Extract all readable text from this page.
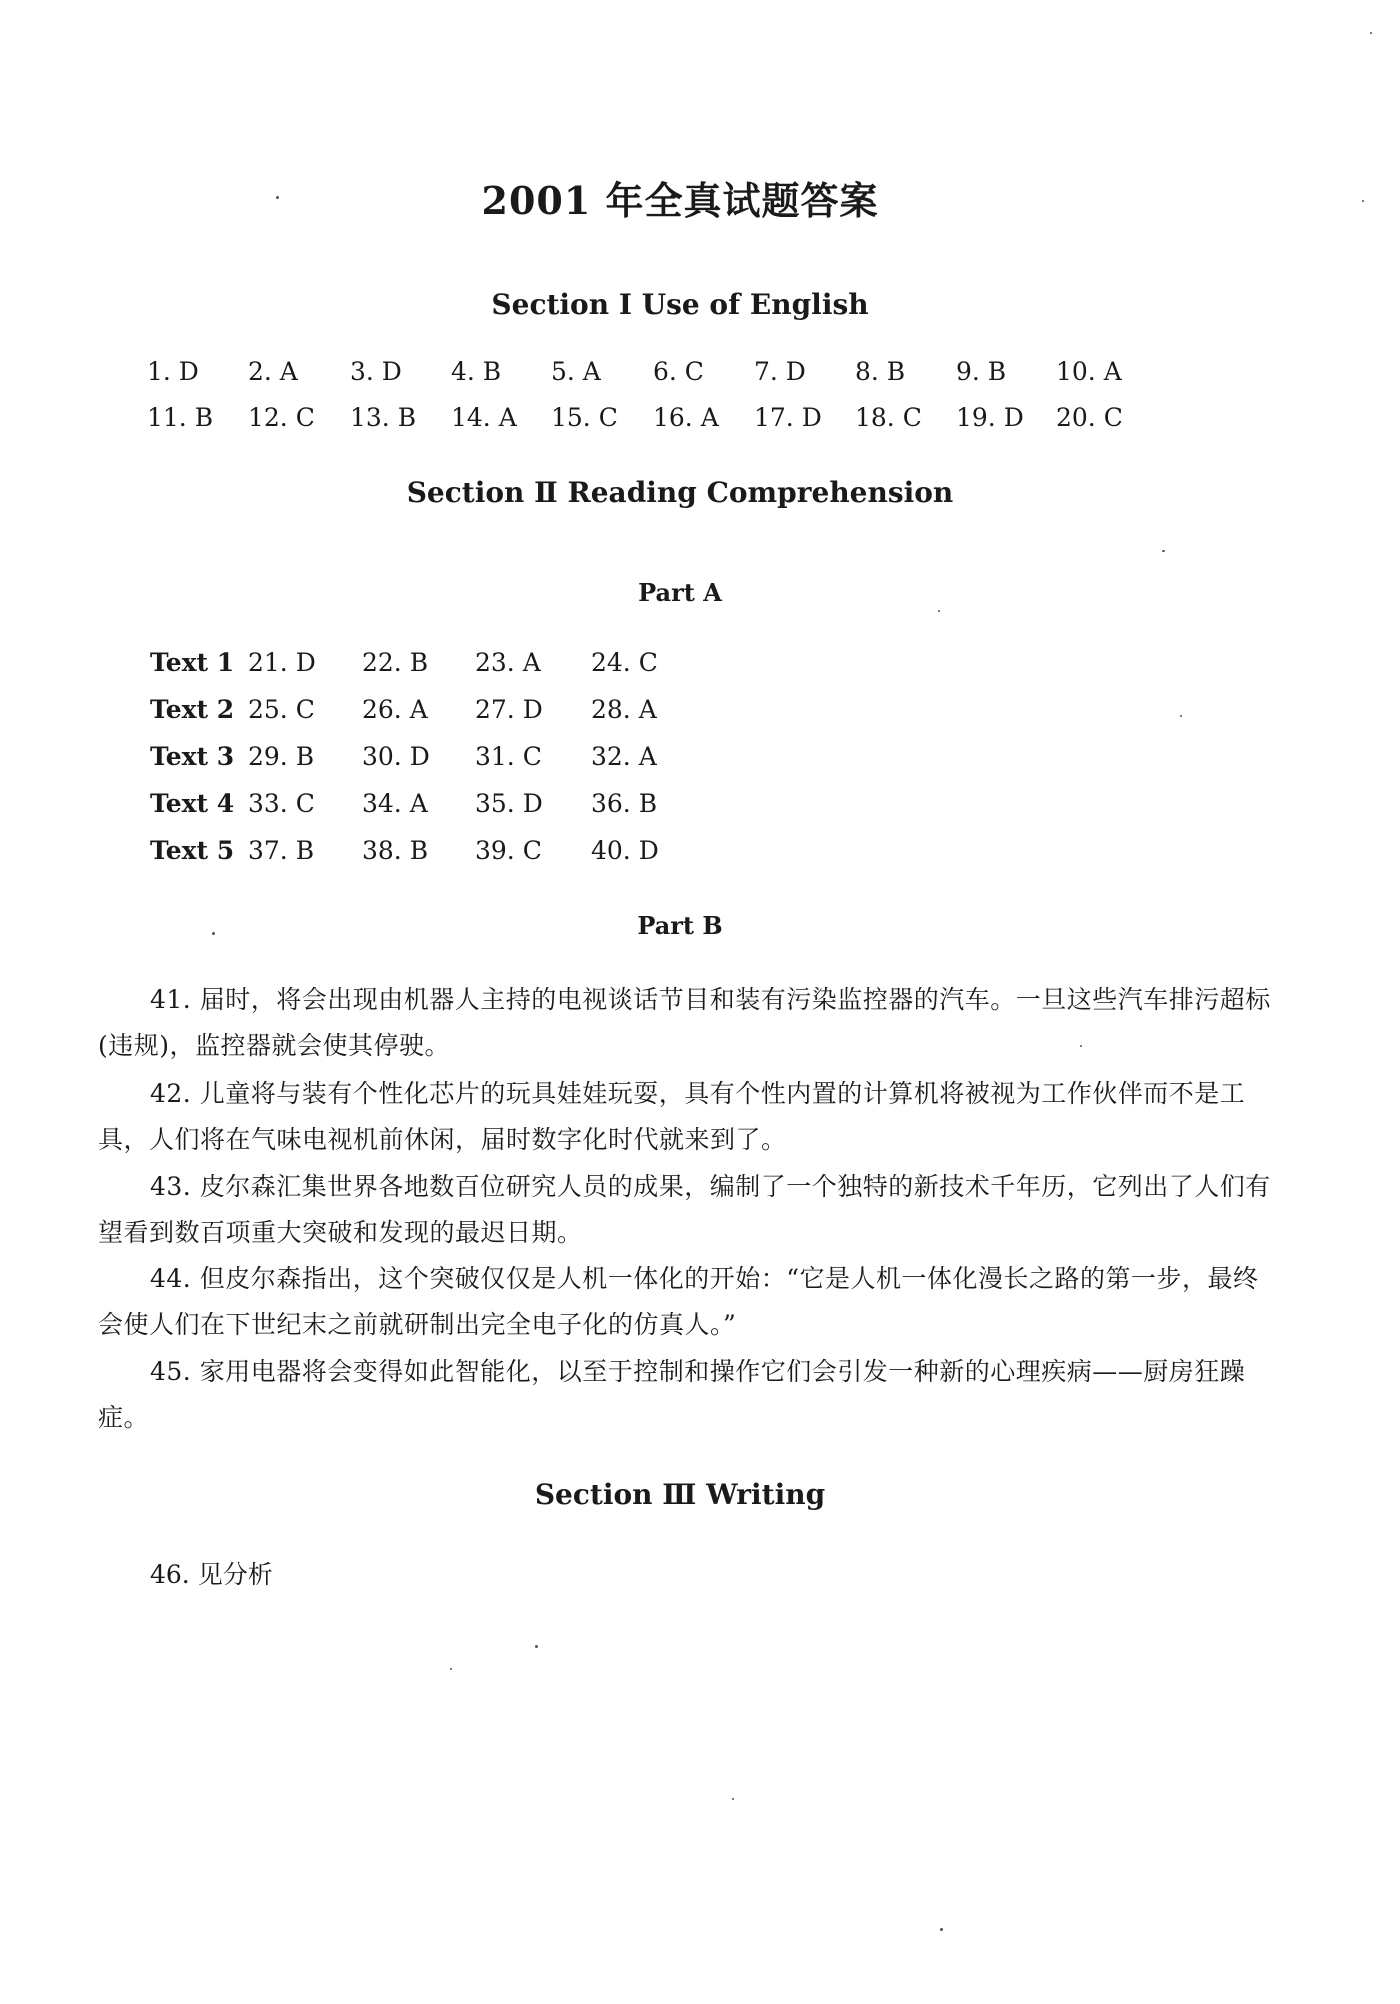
2001 年全真试题答案
Section Ⅰ Use of English
1. D 2. A 3. D 4. B 5. A 6. C 7. D 8. B 9. B 10. A
11. B 12. C 13. B 14. A 15. C 16. A 17. D 18. C 19. D 20. C
Section Ⅱ Reading Comprehension
Part A
Text 1 21. D 22. B 23. A 24. C
Text 2 25. C 26. A 27. D 28. A
Text 3 29. B 30. D 31. C 32. A
Text 4 33. C 34. A 35. D 36. B
Text 5 37. B 38. B 39. C 40. D
Part B

41. 届时，将会出现由机器人主持的电视谈话节目和装有污染监控器的汽车。一旦这些汽车排污超标(违规)，监控器就会使其停驶。

42. 儿童将与装有个性化芯片的玩具娃娃玩耍，具有个性内置的计算机将被视为工作伙伴而不是工具，人们将在气味电视机前休闲，届时数字化时代就来到了。

43. 皮尔森汇集世界各地数百位研究人员的成果，编制了一个独特的新技术千年历，它列出了人们有望看到数百项重大突破和发现的最迟日期。

44. 但皮尔森指出，这个突破仅仅是人机一体化的开始：“它是人机一体化漫长之路的第一步，最终会使人们在下世纪末之前就研制出完全电子化的仿真人。”

45. 家用电器将会变得如此智能化，以至于控制和操作它们会引发一种新的心理疾病——厨房狂躁症。

Section Ⅲ Writing
46. 见分析
